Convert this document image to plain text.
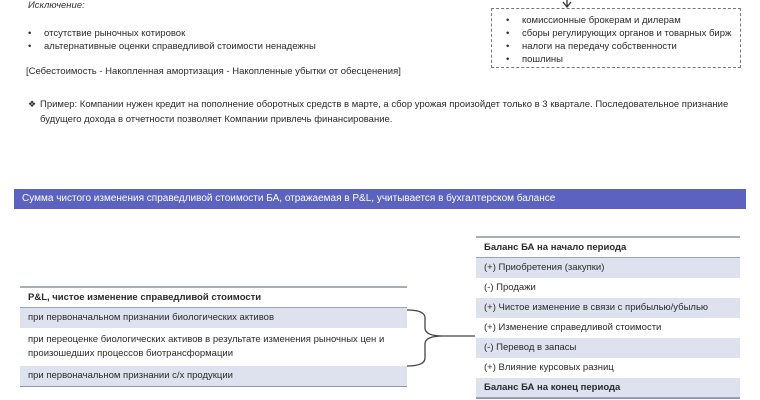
Исключение:
• отсутствие рыночных котировок
• альтернативные оценки справедливой стоимости ненадежны
[Себестоимость - Накопленная амортизация - Накопленные убытки от обесценения]
• комиссионные брокерам и дилерам
• сборы регулирующих органов и товарных бирж
• налоги на передачу собственности
• пошлины
❖ Пример: Компании нужен кредит на пополнение оборотных средств в марте, а сбор урожая произойдет только в 3 квартале. Последовательное признание будущего дохода в отчетности позволяет Компании привлечь финансирование.
Сумма чистого изменения справедливой стоимости БА, отражаемая в P&L, учитывается в бухгалтерском балансе
P&L, чистое изменение справедливой стоимости
при первоначальном признании биологических активов
при переоценке биологических активов в результате изменения рыночных цен и произошедших процессов биотрансформации
при первоначальном признании с/х продукции
Баланс БА на начало периода
(+) Приобретения (закупки)
(-) Продажи
(+) Чистое изменение в связи с прибылью/убылью
(+) Изменение справедливой стоимости
(-) Перевод в запасы
(+) Влияние курсовых разниц
Баланс БА на конец периода
